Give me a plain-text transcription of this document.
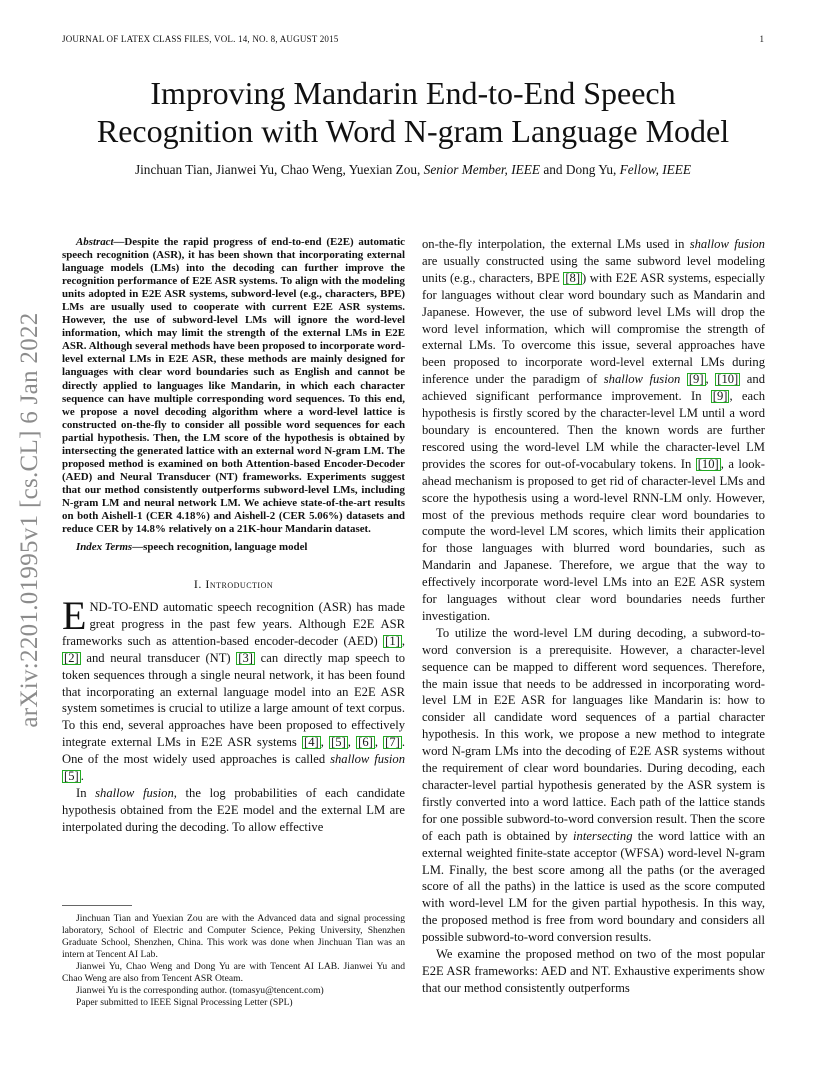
JOURNAL OF LATEX CLASS FILES, VOL. 14, NO. 8, AUGUST 2015	1
arXiv:2201.01995v1 [cs.CL] 6 Jan 2022
Improving Mandarin End-to-End Speech
Recognition with Word N-gram Language Model
Jinchuan Tian, Jianwei Yu, Chao Weng, Yuexian Zou, Senior Member, IEEE and Dong Yu, Fellow, IEEE

Abstract—Despite the rapid progress of end-to-end (E2E) automatic speech recognition (ASR), it has been shown that incorporating external language models (LMs) into the decoding can further improve the recognition performance of E2E ASR systems. To align with the modeling units adopted in E2E ASR systems, subword-level (e.g., characters, BPE) LMs are usually used to cooperate with current E2E ASR systems. However, the use of subword-level LMs will ignore the word-level information, which may limit the strength of the external LMs in E2E ASR. Although several methods have been proposed to incorporate word-level external LMs in E2E ASR, these methods are mainly designed for languages with clear word boundaries such as English and cannot be directly applied to languages like Mandarin, in which each character sequence can have multiple corresponding word sequences. To this end, we propose a novel decoding algorithm where a word-level lattice is constructed on-the-fly to consider all possible word sequences for each partial hypothesis. Then, the LM score of the hypothesis is obtained by intersecting the generated lattice with an external word N-gram LM. The proposed method is examined on both Attention-based Encoder-Decoder (AED) and Neural Transducer (NT) frameworks. Experiments suggest that our method consistently outperforms subword-level LMs, including N-gram LM and neural network LM. We achieve state-of-the-art results on both Aishell-1 (CER 4.18%) and Aishell-2 (CER 5.06%) datasets and reduce CER by 14.8% relatively on a 21K-hour Mandarin dataset.

Index Terms—speech recognition, language model

I. Introduction

END-TO-END automatic speech recognition (ASR) has made great progress in the past few years. Although E2E ASR frameworks such as attention-based encoder-decoder (AED) [1] , [2] and neural transducer (NT) [3] can directly map speech to token sequences through a single neural network, it has been found that incorporating an external language model into an E2E ASR system sometimes is crucial to utilize a large amount of text corpus. To this end, several approaches have been proposed to effectively integrate external LMs in E2E ASR systems [4] , [5] , [6] , [7] . One of the most widely used approaches is called shallow fusion [5] .

In shallow fusion, the log probabilities of each candidate hypothesis obtained from the E2E model and the external LM are interpolated during the decoding. To allow effective

Jinchuan Tian and Yuexian Zou are with the Advanced data and signal processing laboratory, School of Electric and Computer Science, Peking University, Shenzhen Graduate School, Shenzhen, China. This work was done when Jinchuan Tian was an intern at Tencent AI Lab.

Jianwei Yu, Chao Weng and Dong Yu are with Tencent AI LAB. Jianwei Yu and Chao Weng are also from Tencent ASR Oteam.

Jianwei Yu is the corresponding author. (tomasyu@tencent.com)

Paper submitted to IEEE Signal Processing Letter (SPL)

on-the-fly interpolation, the external LMs used in shallow fusion are usually constructed using the same subword level modeling units (e.g., characters, BPE [8] ) with E2E ASR systems, especially for languages without clear word boundary such as Mandarin and Japanese. However, the use of subword level LMs will drop the word level information, which will compromise the strength of external LMs. To overcome this issue, several approaches have been proposed to incorporate word-level external LMs during inference under the paradigm of shallow fusion [9] , [10] and achieved significant performance improvement. In [9] , each hypothesis is firstly scored by the character-level LM until a word boundary is encountered. Then the known words are further rescored using the word-level LM while the character-level LM provides the scores for out-of-vocabulary tokens. In [10] , a look-ahead mechanism is proposed to get rid of character-level LMs and score the hypothesis using a word-level RNN-LM only. However, most of the previous methods require clear word boundaries to compute the word-level LM scores, which limits their application for those languages with blurred word boundaries, such as Mandarin and Japanese. Therefore, we argue that the way to effectively incorporate word-level LMs into an E2E ASR system for languages without clear word boundaries needs further investigation.

To utilize the word-level LM during decoding, a subword-to-word conversion is a prerequisite. However, a character-level sequence can be mapped to different word sequences. Therefore, the main issue that needs to be addressed in incorporating word-level LM in E2E ASR for languages like Mandarin is: how to consider all candidate word sequences of a partial character hypothesis. In this work, we propose a new method to integrate word N-gram LMs into the decoding of E2E ASR systems without the requirement of clear word boundaries. During decoding, each character-level partial hypothesis generated by the ASR system is firstly converted into a word lattice. Each path of the lattice stands for one possible subword-to-word conversion result. Then the score of each path is obtained by intersecting the word lattice with an external weighted finite-state acceptor (WFSA) word-level N-gram LM. Finally, the best score among all the paths (or the averaged score of all the paths) in the lattice is used as the score computed with word-level LM for the given partial hypothesis. In this way, the proposed method is free from word boundary and considers all possible subword-to-word conversion results.

We examine the proposed method on two of the most popular E2E ASR frameworks: AED and NT. Exhaustive experiments show that our method consistently outperforms
